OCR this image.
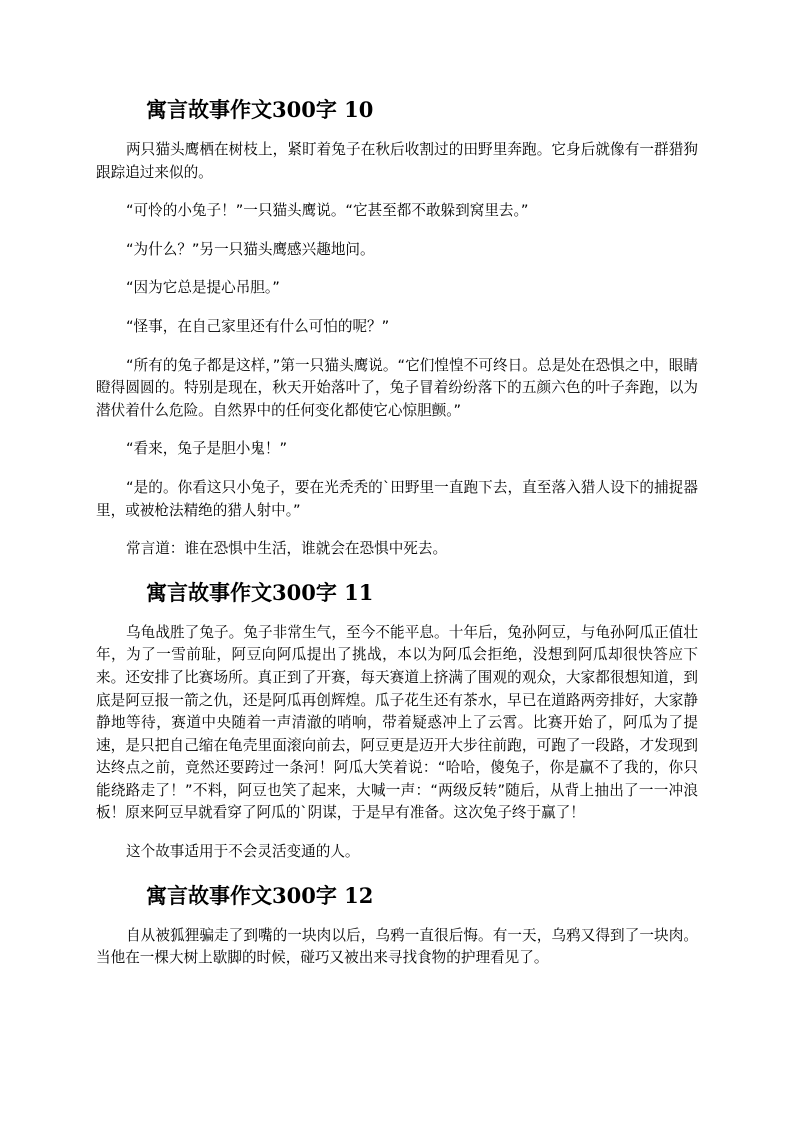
寓言故事作文300字 10

两只猫头鹰栖在树枝上，紧盯着兔子在秋后收割过的田野里奔跑。它身后就像有一群猎狗跟踪追过来似的。

“可怜的小兔子！”一只猫头鹰说。“它甚至都不敢躲到窝里去。”

“为什么？”另一只猫头鹰感兴趣地问。

“因为它总是提心吊胆。”

“怪事，在自己家里还有什么可怕的呢？”

“所有的兔子都是这样，”第一只猫头鹰说。“它们惶惶不可终日。总是处在恐惧之中，眼睛瞪得圆圆的。特别是现在，秋天开始落叶了，兔子冒着纷纷落下的五颜六色的叶子奔跑，以为潜伏着什么危险。自然界中的任何变化都使它心惊胆颤。”

“看来，兔子是胆小鬼！”

“是的。你看这只小兔子，要在光秃秃的`田野里一直跑下去，直至落入猎人设下的捕捉器里，或被枪法精绝的猎人射中。”

常言道：谁在恐惧中生活，谁就会在恐惧中死去。

寓言故事作文300字 11

乌龟战胜了兔子。兔子非常生气，至今不能平息。十年后，兔孙阿豆，与龟孙阿瓜正值壮年，为了一雪前耻，阿豆向阿瓜提出了挑战，本以为阿瓜会拒绝，没想到阿瓜却很快答应下来。还安排了比赛场所。真正到了开赛，每天赛道上挤满了围观的观众，大家都很想知道，到底是阿豆报一箭之仇，还是阿瓜再创辉煌。瓜子花生还有茶水，早已在道路两旁排好，大家静静地等待，赛道中央随着一声清澈的哨响，带着疑惑冲上了云霄。比赛开始了，阿瓜为了提速，是只把自己缩在龟壳里面滚向前去，阿豆更是迈开大步往前跑，可跑了一段路，才发现到达终点之前，竟然还要跨过一条河！阿瓜大笑着说：“哈哈，傻兔子，你是赢不了我的，你只能绕路走了！”不料，阿豆也笑了起来，大喊一声：“两级反转”随后，从背上抽出了一一冲浪板！原来阿豆早就看穿了阿瓜的`阴谋，于是早有准备。这次兔子终于赢了！

这个故事适用于不会灵活变通的人。

寓言故事作文300字 12

自从被狐狸骗走了到嘴的一块肉以后，乌鸦一直很后悔。有一天，乌鸦又得到了一块肉。当他在一棵大树上歇脚的时候，碰巧又被出来寻找食物的护理看见了。
